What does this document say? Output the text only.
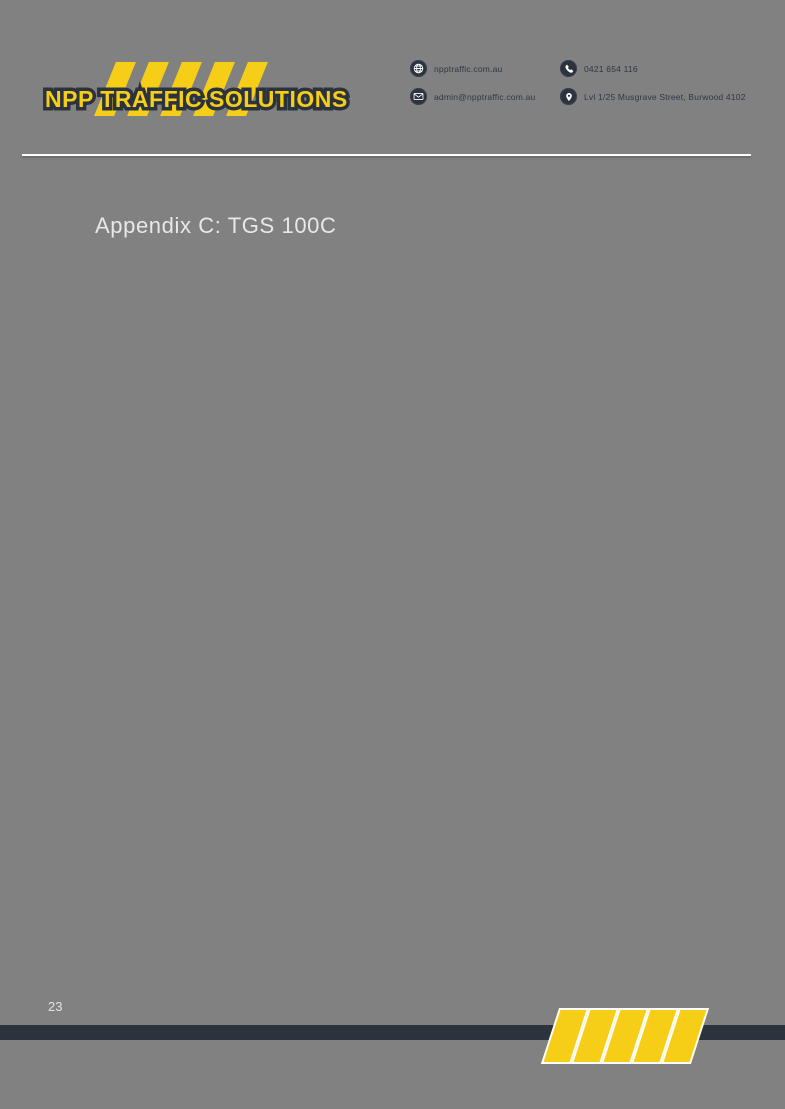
NPP TRAFFIC SOLUTIONS
npptraffic.com.au	0421 654 116
admin@npptraffic.com.au	Lvl 1/25 Musgrave Street, Burwood 4102
Appendix C: TGS 100C
23
